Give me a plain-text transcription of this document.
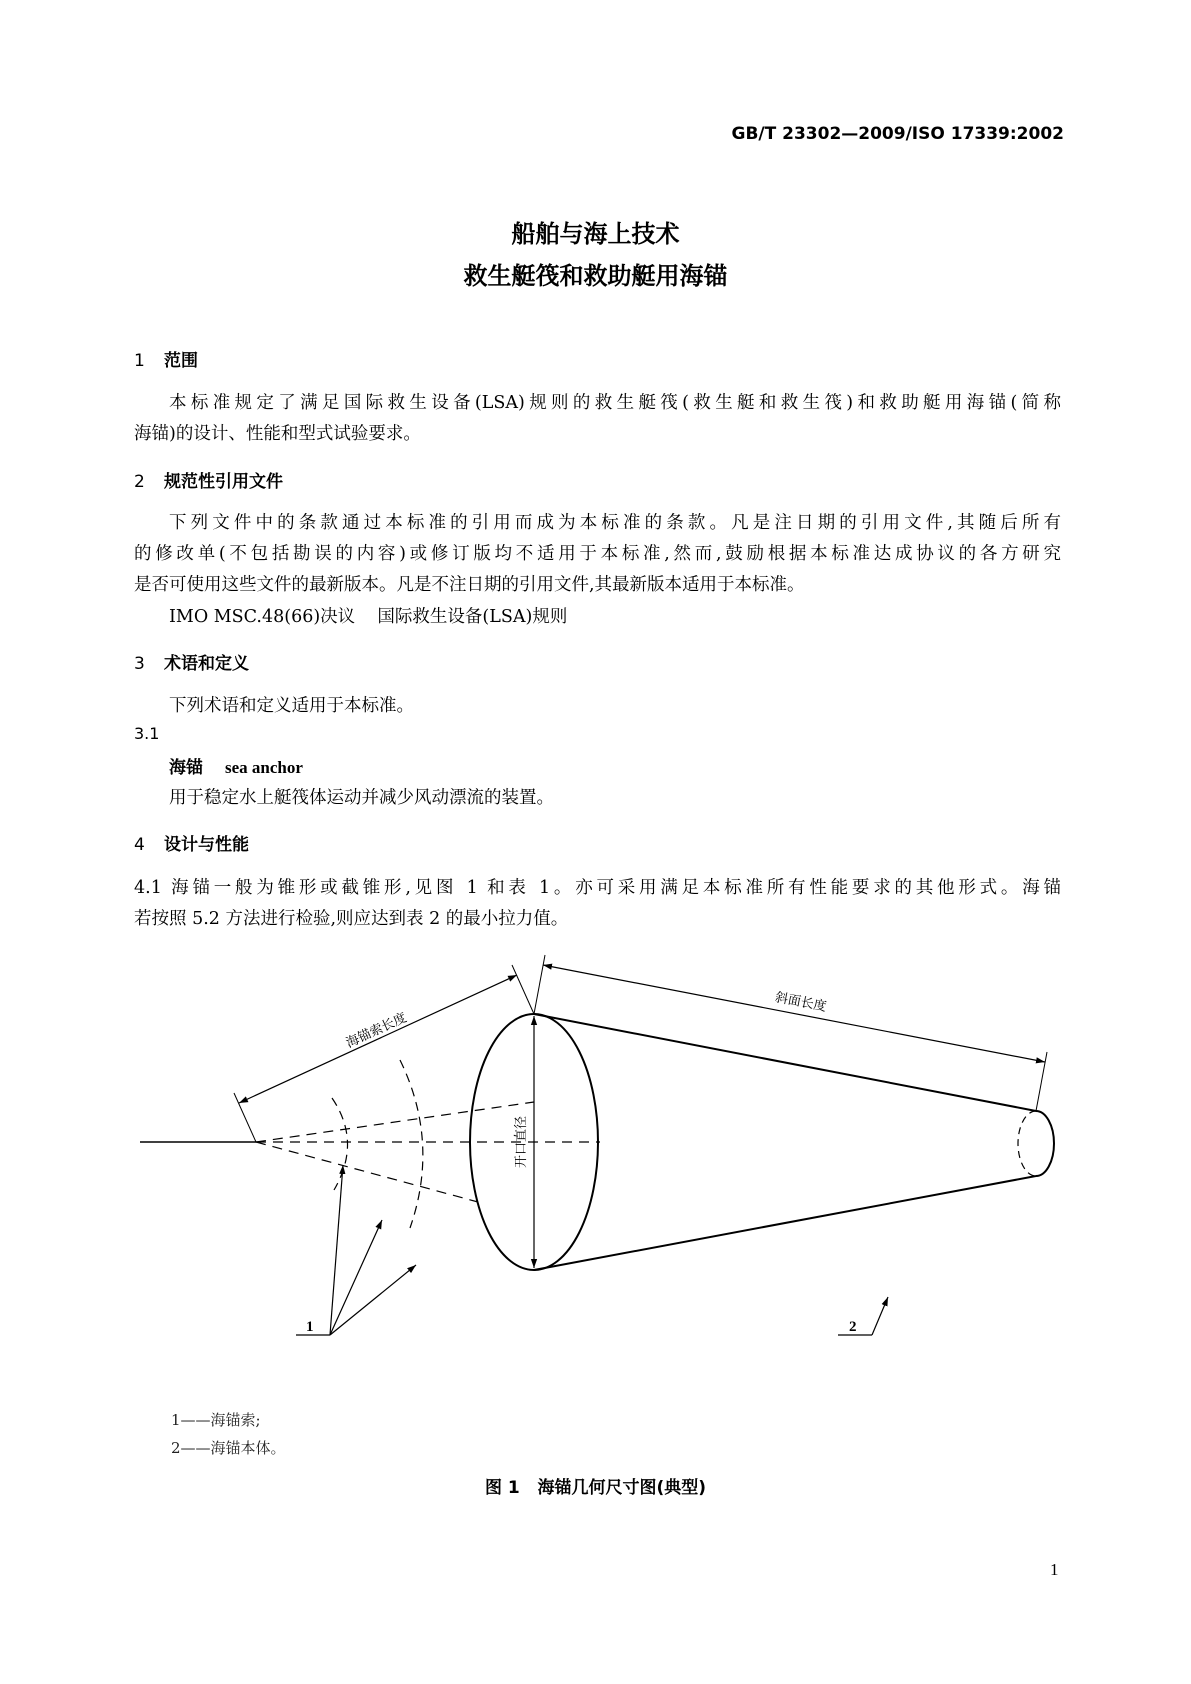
GB/T 23302—2009/ISO 17339:2002
船舶与海上技术
救生艇筏和救助艇用海锚
1 范围
本标准规定了满足国际救生设备(LSA)规则的救生艇筏(救生艇和救生筏)和救助艇用海锚(简称
海锚)的设计、性能和型式试验要求。
2 规范性引用文件
下列文件中的条款通过本标准的引用而成为本标准的条款。凡是注日期的引用文件,其随后所有
的修改单(不包括勘误的内容)或修订版均不适用于本标准,然而,鼓励根据本标准达成协议的各方研究
是否可使用这些文件的最新版本。凡是不注日期的引用文件,其最新版本适用于本标准。
IMO MSC.48(66)决议    国际救生设备(LSA)规则
3 术语和定义
下列术语和定义适用于本标准。
3.1
海锚 sea anchor
用于稳定水上艇筏体运动并减少风动漂流的装置。
4 设计与性能
4.1 海锚一般为锥形或截锥形,见图 1 和表 1。亦可采用满足本标准所有性能要求的其他形式。海锚
若按照 5.2 方法进行检验,则应达到表 2 的最小拉力值。
海锚索长度
斜面长度
开口直径
1	2
1——海锚索;
2——海锚本体。
图 1   海锚几何尺寸图(典型)
1
